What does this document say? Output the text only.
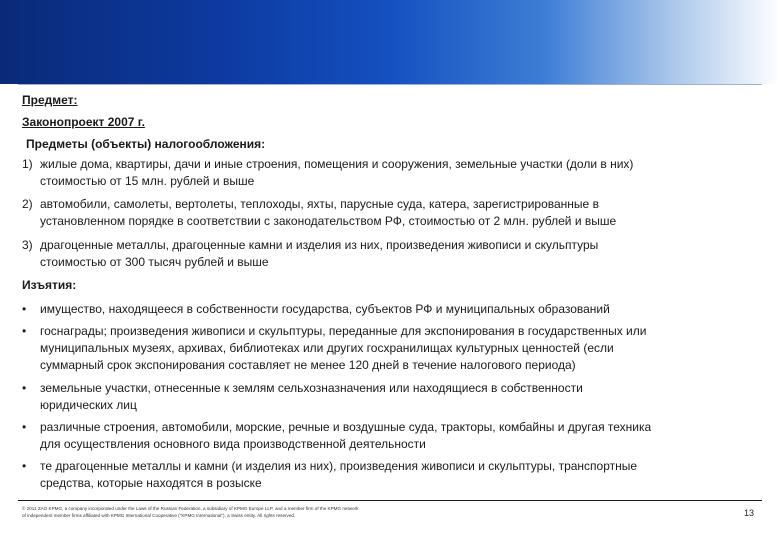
Предмет:
Законопроект 2007 г.
Предметы (объекты) налогообложения:
1) жилые дома, квартиры, дачи и иные строения, помещения и сооружения, земельные участки (доли в них)
стоимостью от 15 млн. рублей и выше
2) автомобили, самолеты, вертолеты, теплоходы, яхты, парусные суда, катера, зарегистрированные в
установленном порядке в соответствии с законодательством РФ, стоимостью от 2 млн. рублей и выше
3) драгоценные металлы, драгоценные камни и изделия из них, произведения живописи и скульптуры
стоимостью от 300 тысяч рублей и выше
Изъятия:
• имущество, находящееся в собственности государства, субъектов РФ и муниципальных образований
• госнаграды; произведения живописи и скульптуры, переданные для экспонирования в государственных или
муниципальных музеях, архивах, библиотеках или других госхранилищах культурных ценностей (если
суммарный срок экспонирования составляет не менее 120 дней в течение налогового периода)
• земельные участки, отнесенные к землям сельхозназначения или находящиеся в собственности
юридических лиц
• различные строения, автомобили, морские, речные и воздушные суда, тракторы, комбайны и другая техника
для осуществления основного вида производственной деятельности
• те драгоценные металлы и камни (и изделия из них), произведения живописи и скульптуры, транспортные
средства, которые находятся в розыске
© 2011 ZAO KPMG, a company incorporated under the Laws of the Russian Federation, a subsidiary of KPMG Europe LLP, and a member firm of the KPMG network
of independent member firms affiliated with KPMG International Cooperative ("KPMG International"), a Swiss entity. All rights reserved.	13
